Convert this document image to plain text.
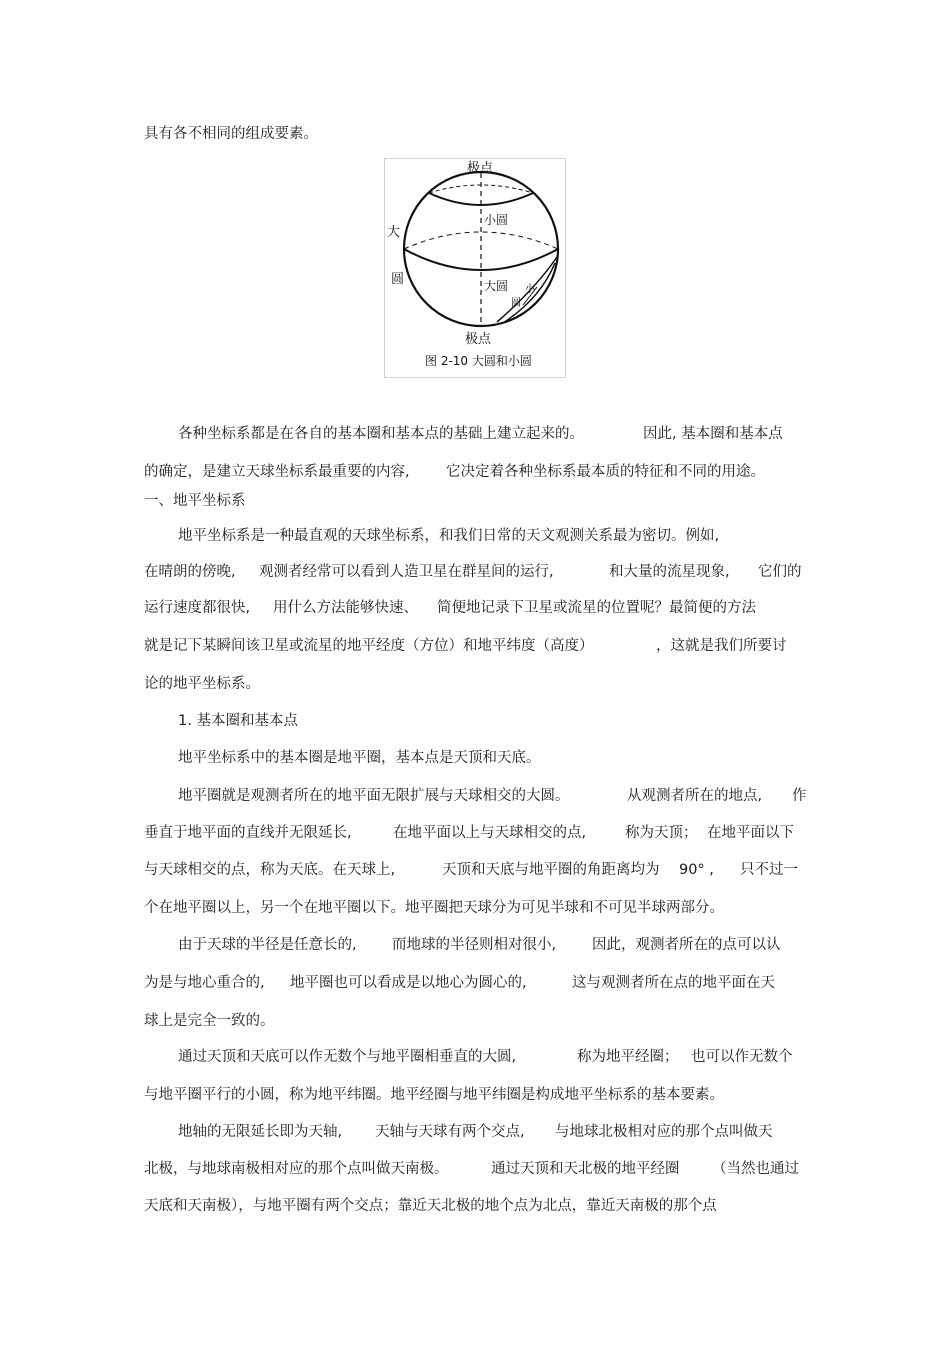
具有各不相同的组成要素。
极点
小圆
大
圆	大圆 小
圆
极点
图 2-10 大圆和小圆
各种坐标系都是在各自的基本圈和基本点的基础上建立起来的。	因此, 基本圈和基本点
的确定，是建立天球坐标系最重要的内容,	它决定着各种坐标系最本质的特征和不同的用途。
一、地平坐标系
地平坐标系是一种最直观的天球坐标系，和我们日常的天文观测关系最为密切。例如,
在晴朗的傍晚, 观测者经常可以看到人造卫星在群星间的运行,	和大量的流星现象, 它们的
运行速度都很快, 用什么方法能够快速、 简便地记录下卫星或流星的位置呢？最简便的方法
就是记下某瞬间该卫星或流星的地平经度（方位）和地平纬度（高度）	，这就是我们所要讨
论的地平坐标系。
1. 基本圈和基本点
地平坐标系中的基本圈是地平圈，基本点是天顶和天底。
地平圈就是观测者所在的地平面无限扩展与天球相交的大圆。	从观测者所在的地点, 作
垂直于地平面的直线并无限延长,	在地平面以上与天球相交的点,	称为天顶； 在地平面以下
与天球相交的点，称为天底。在天球上,	天顶和天底与地平圈的角距离均为 90° , 只不过一
个在地平圈以上，另一个在地平圈以下。地平圈把天球分为可见半球和不可见半球两部分。
由于天球的半径是任意长的, 而地球的半径则相对很小, 因此，观测者所在的点可以认
为是与地心重合的, 地平圈也可以看成是以地心为圆心的,	这与观测者所在点的地平面在天
球上是完全一致的。
通过天顶和天底可以作无数个与地平圈相垂直的大圆,	称为地平经圈； 也可以作无数个
与地平圈平行的小圆，称为地平纬圈。地平经圈与地平纬圈是构成地平坐标系的基本要素。
地轴的无限延长即为天轴, 天轴与天球有两个交点, 与地球北极相对应的那个点叫做天
北极，与地球南极相对应的那个点叫做天南极。	通过天顶和天北极的地平经圈 （当然也通过
天底和天南极），与地平圈有两个交点；靠近天北极的地个点为北点，靠近天南极的那个点
